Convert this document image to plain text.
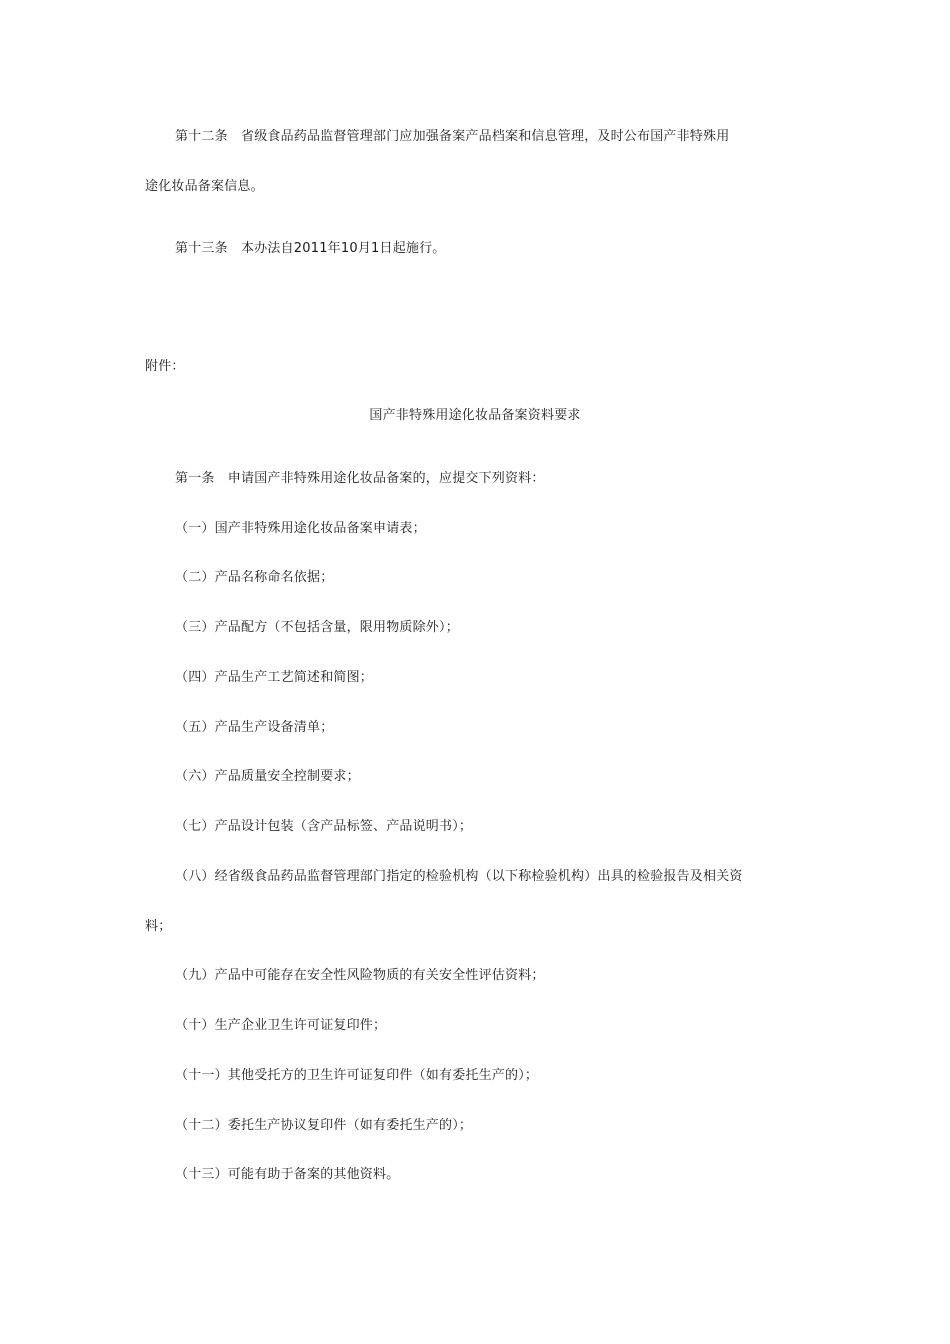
第十二条　省级食品药品监督管理部门应加强备案产品档案和信息管理，及时公布国产非特殊用
途化妆品备案信息。
第十三条　本办法自2011年10月1日起施行。
附件：
国产非特殊用途化妆品备案资料要求
第一条　申请国产非特殊用途化妆品备案的，应提交下列资料：
（一）国产非特殊用途化妆品备案申请表；
（二）产品名称命名依据；
（三）产品配方（不包括含量，限用物质除外）；
（四）产品生产工艺简述和简图；
（五）产品生产设备清单；
（六）产品质量安全控制要求；
（七）产品设计包装（含产品标签、产品说明书）；
（八）经省级食品药品监督管理部门指定的检验机构（以下称检验机构）出具的检验报告及相关资
料；
（九）产品中可能存在安全性风险物质的有关安全性评估资料；
（十）生产企业卫生许可证复印件；
（十一）其他受托方的卫生许可证复印件（如有委托生产的）；
（十二）委托生产协议复印件（如有委托生产的）；
（十三）可能有助于备案的其他资料。
